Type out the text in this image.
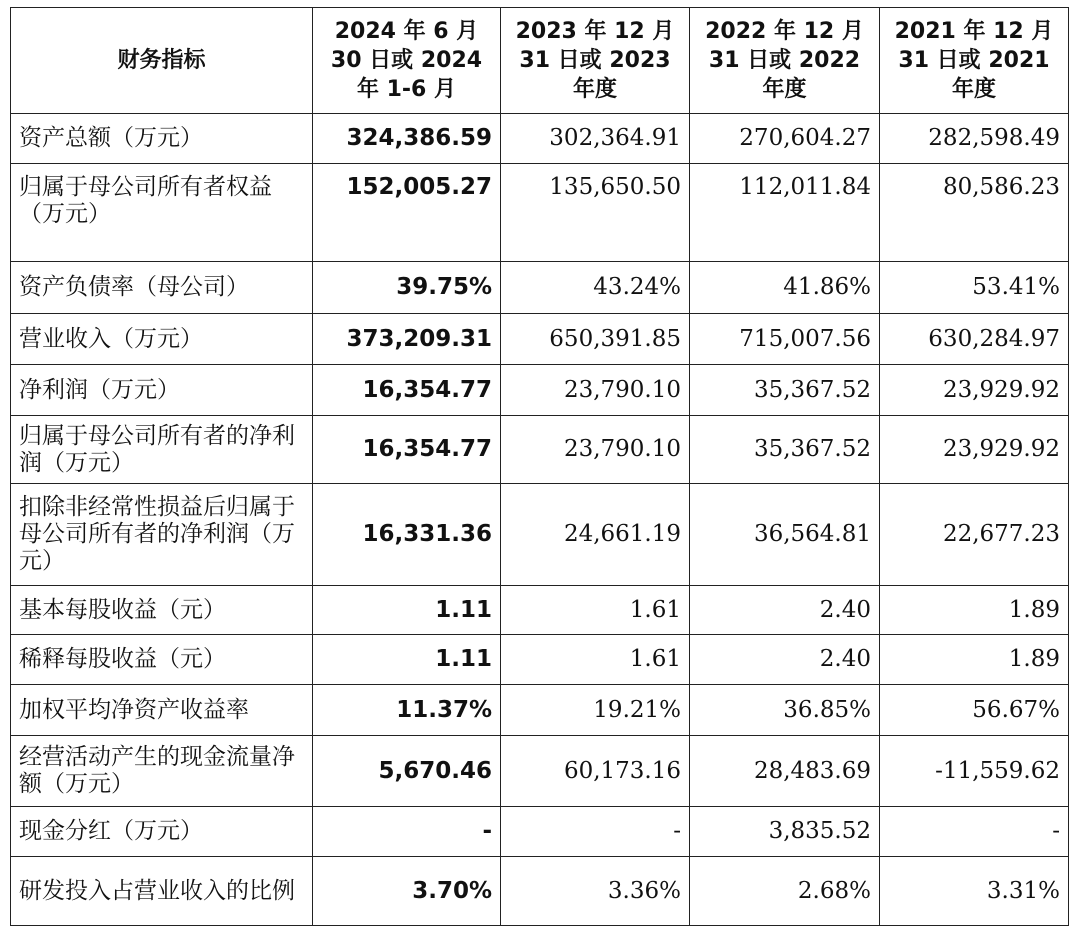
财务指标	2024 年 6 月 30 日或 2024 年 1-6 月	2023 年 12 月 31 日或 2023 年度	2022 年 12 月 31 日或 2022 年度	2021 年 12 月 31 日或 2021 年度
资产总额（万元）	324,386.59	302,364.91	270,604.27	282,598.49
归属于母公司所有者权益（万元）	152,005.27	135,650.50	112,011.84	80,586.23
资产负债率（母公司）	39.75%	43.24%	41.86%	53.41%
营业收入（万元）	373,209.31	650,391.85	715,007.56	630,284.97
净利润（万元）	16,354.77	23,790.10	35,367.52	23,929.92
归属于母公司所有者的净利润（万元）	16,354.77	23,790.10	35,367.52	23,929.92
扣除非经常性损益后归属于母公司所有者的净利润（万元）	16,331.36	24,661.19	36,564.81	22,677.23
基本每股收益（元）	1.11	1.61	2.40	1.89
稀释每股收益（元）	1.11	1.61	2.40	1.89
加权平均净资产收益率	11.37%	19.21%	36.85%	56.67%
经营活动产生的现金流量净额（万元）	5,670.46	60,173.16	28,483.69	-11,559.62
现金分红（万元）	-	-	3,835.52	-
研发投入占营业收入的比例	3.70%	3.36%	2.68%	3.31%
